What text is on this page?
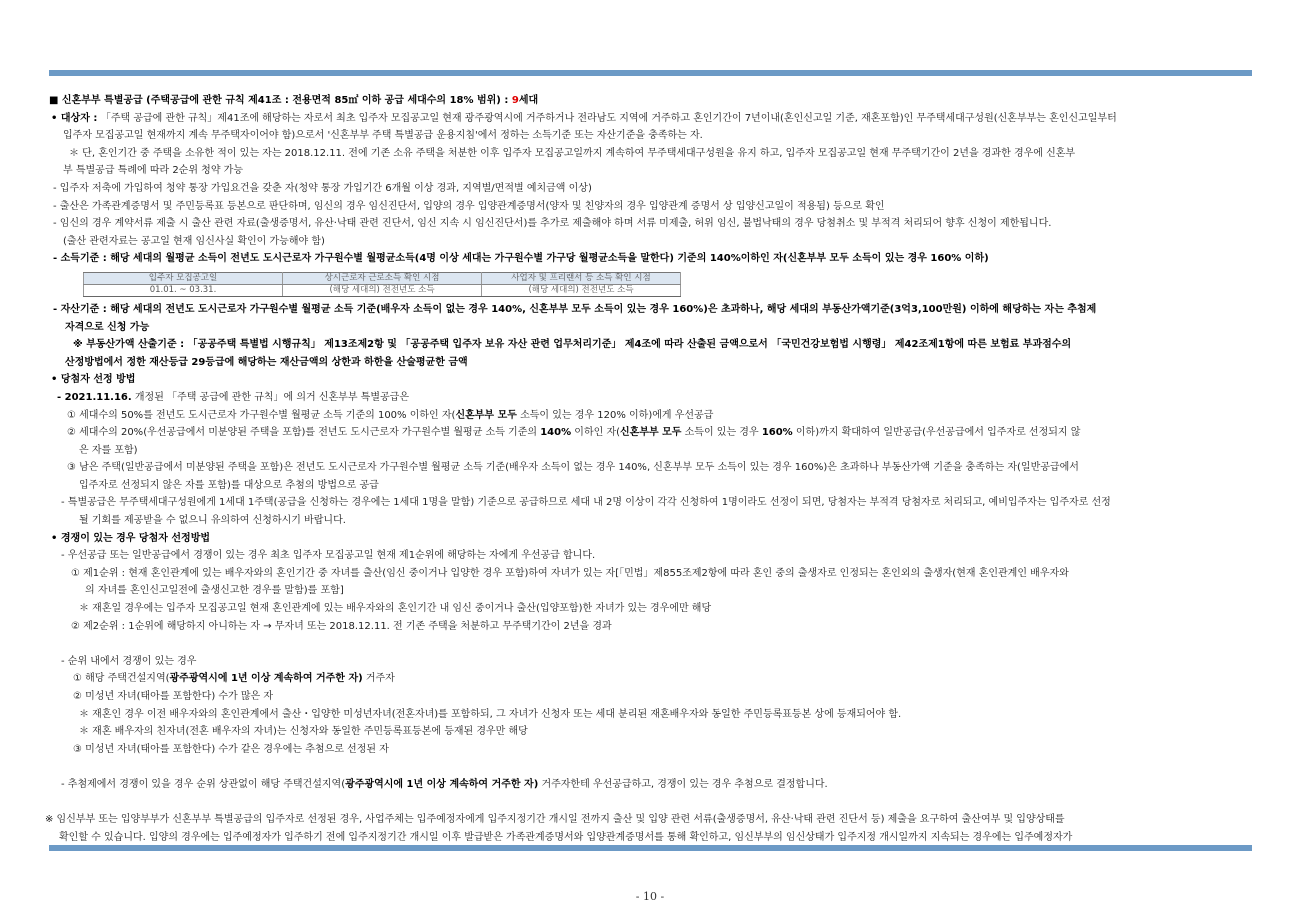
■ 신혼부부 특별공급 (주택공급에 관한 규칙 제41조 : 전용면적 85㎡ 이하 공급 세대수의 18% 범위) : 9세대
• 대상자 : 「주택 공급에 관한 규칙」제41조에 해당하는 자로서 최초 입주자 모집공고일 현재 광주광역시에 거주하거나 전라남도 지역에 거주하고 혼인기간이 7년이내(혼인신고일 기준, 재혼포함)인 무주택세대구성원(신혼부부는 혼인신고일부터
입주자 모집공고일 현재까지 계속 무주택자이어야 함)으로서 '신혼부부 주택 특별공급 운용지침'에서 정하는 소득기준 또는 자산기준을 충족하는 자.
＊ 단, 혼인기간 중 주택을 소유한 적이 있는 자는 2018.12.11. 전에 기존 소유 주택을 처분한 이후 입주자 모집공고일까지 계속하여 무주택세대구성원을 유지 하고, 입주자 모집공고일 현재 무주택기간이 2년을 경과한 경우에 신혼부
부 특별공급 특례에 따라 2순위 청약 가능
- 입주자 저축에 가입하여 청약 통장 가입요건을 갖춘 자(청약 통장 가입기간 6개월 이상 경과, 지역별/면적별 예치금액 이상)
- 출산은 가족관계증명서 및 주민등록표 등본으로 판단하며, 임신의 경우 임신진단서, 입양의 경우 입양관계증명서(양자 및 친양자의 경우 입양관계 증명서 상 입양신고일이 적용됨) 등으로 확인
- 임신의 경우 계약서류 제출 시 출산 관련 자료(출생증명서, 유산·낙태 관련 진단서, 임신 지속 시 임신진단서)를 추가로 제출해야 하며 서류 미제출, 허위 임신, 불법낙태의 경우 당첨취소 및 부적격 처리되어 향후 신청이 제한됩니다.
(출산 관련자료는 공고일 현재 임신사실 확인이 가능해야 함)
- 소득기준 : 해당 세대의 월평균 소득이 전년도 도시근로자 가구원수별 월평균소득(4명 이상 세대는 가구원수별 가구당 월평균소득을 말한다) 기준의 140%이하인 자(신혼부부 모두 소득이 있는 경우 160% 이하)
입주자 모집공고일	상시근로자 근로소득 확인 시점	사업자 및 프리랜서 등 소득 확인 시점
01.01. ~ 03.31.	(해당 세대의) 전전년도 소득	(해당 세대의) 전전년도 소득
- 자산기준 : 해당 세대의 전년도 도시근로자 가구원수별 월평균 소득 기준(배우자 소득이 없는 경우 140%, 신혼부부 모두 소득이 있는 경우 160%)은 초과하나, 해당 세대의 부동산가액기준(3억3,100만원) 이하에 해당하는 자는 추첨제
자격으로 신청 가능
※ 부동산가액 산출기준 : 「공공주택 특별법 시행규칙」 제13조제2항 및 「공공주택 입주자 보유 자산 관련 업무처리기준」 제4조에 따라 산출된 금액으로서 「국민건강보험법 시행령」 제42조제1항에 따른 보험료 부과점수의
산정방법에서 정한 재산등급 29등급에 해당하는 재산금액의 상한과 하한을 산술평균한 금액
• 당첨자 선정 방법
- 2021.11.16. 개정된 「주택 공급에 관한 규칙」에 의거 신혼부부 특별공급은
① 세대수의 50%를 전년도 도시근로자 가구원수별 월평균 소득 기준의 100% 이하인 자(신혼부부 모두 소득이 있는 경우 120% 이하)에게 우선공급
② 세대수의 20%(우선공급에서 미분양된 주택을 포함)를 전년도 도시근로자 가구원수별 월평균 소득 기준의 140% 이하인 자(신혼부부 모두 소득이 있는 경우 160% 이하)까지 확대하여 일반공급(우선공급에서 입주자로 선정되지 않
은 자를 포함)
③ 남은 주택(일반공급에서 미분양된 주택을 포함)은 전년도 도시근로자 가구원수별 월평균 소득 기준(배우자 소득이 없는 경우 140%, 신혼부부 모두 소득이 있는 경우 160%)은 초과하나 부동산가액 기준을 충족하는 자(일반공급에서
입주자로 선정되지 않은 자를 포함)를 대상으로 추첨의 방법으로 공급
- 특별공급은 무주택세대구성원에게 1세대 1주택(공급을 신청하는 경우에는 1세대 1명을 말함) 기준으로 공급하므로 세대 내 2명 이상이 각각 신청하여 1명이라도 선정이 되면, 당첨자는 부적격 당첨자로 처리되고, 예비입주자는 입주자로 선정
될 기회를 제공받을 수 없으니 유의하여 신청하시기 바랍니다.
• 경쟁이 있는 경우 당첨자 선정방법
- 우선공급 또는 일반공급에서 경쟁이 있는 경우 최초 입주자 모집공고일 현재 제1순위에 해당하는 자에게 우선공급 합니다.
① 제1순위 : 현재 혼인관계에 있는 배우자와의 혼인기간 중 자녀를 출산(임신 중이거나 입양한 경우 포함)하여 자녀가 있는 자[「민법」제855조제2항에 따라 혼인 중의 출생자로 인정되는 혼인외의 출생자(현재 혼인관계인 배우자와
의 자녀를 혼인신고일전에 출생신고한 경우를 말함)를 포함]
＊ 재혼일 경우에는 입주자 모집공고일 현재 혼인관계에 있는 배우자와의 혼인기간 내 임신 중이거나 출산(입양포함)한 자녀가 있는 경우에만 해당
② 제2순위 : 1순위에 해당하지 아니하는 자 → 무자녀 또는 2018.12.11. 전 기존 주택을 처분하고 무주택기간이 2년을 경과
- 순위 내에서 경쟁이 있는 경우
① 해당 주택건설지역(광주광역시에 1년 이상 계속하여 거주한 자) 거주자
② 미성년 자녀(태아를 포함한다) 수가 많은 자
＊ 재혼인 경우 이전 배우자와의 혼인관계에서 출산・입양한 미성년자녀(전혼자녀)를 포함하되, 그 자녀가 신청자 또는 세대 분리된 재혼배우자와 동일한 주민등록표등본 상에 등재되어야 함.
＊ 재혼 배우자의 친자녀(전혼 배우자의 자녀)는 신청자와 동일한 주민등록표등본에 등재된 경우만 해당
③ 미성년 자녀(태아를 포함한다) 수가 같은 경우에는 추첨으로 선정된 자
- 추첨제에서 경쟁이 있을 경우 순위 상관없이 해당 주택건설지역(광주광역시에 1년 이상 계속하여 거주한 자) 거주자한테 우선공급하고, 경쟁이 있는 경우 추첨으로 결정합니다.
※ 임신부부 또는 입양부부가 신혼부부 특별공급의 입주자로 선정된 경우, 사업주체는 입주예정자에게 입주지정기간 개시일 전까지 출산 및 입양 관련 서류(출생증명서, 유산·낙태 관련 진단서 등) 제출을 요구하여 출산여부 및 입양상태를
확인할 수 있습니다. 입양의 경우에는 입주예정자가 입주하기 전에 입주지정기간 개시일 이후 발급받은 가족관계증명서와 입양관계증명서를 통해 확인하고, 임신부부의 임신상태가 입주지정 개시일까지 지속되는 경우에는 입주예정자가
- 10 -
